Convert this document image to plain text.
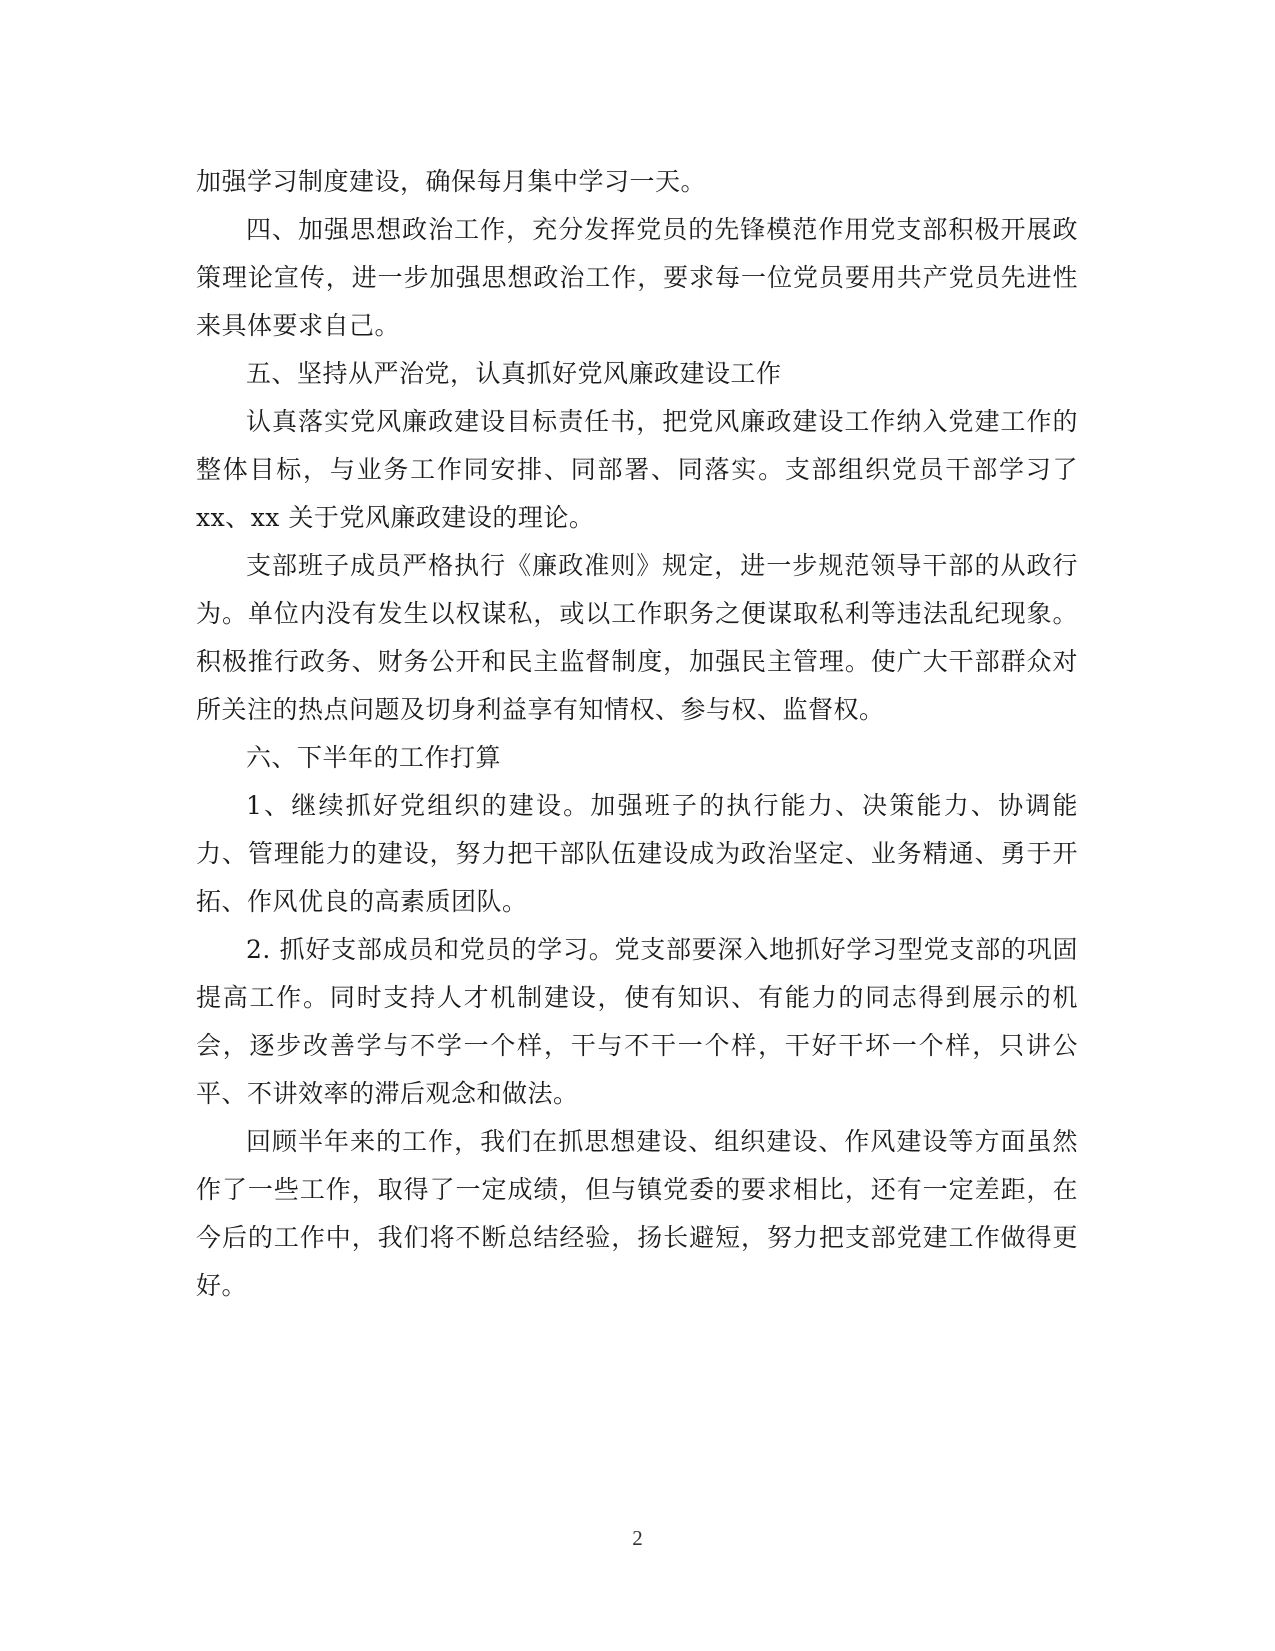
加强学习制度建设，确保每月集中学习一天。

四、加强思想政治工作，充分发挥党员的先锋模范作用党支部积极开展政策理论宣传，进一步加强思想政治工作，要求每一位党员要用共产党员先进性来具体要求自己。

五、坚持从严治党，认真抓好党风廉政建设工作

认真落实党风廉政建设目标责任书，把党风廉政建设工作纳入党建工作的整体目标，与业务工作同安排、同部署、同落实。支部组织党员干部学习了 xx、xx 关于党风廉政建设的理论。

支部班子成员严格执行《廉政准则》规定，进一步规范领导干部的从政行为。单位内没有发生以权谋私，或以工作职务之便谋取私利等违法乱纪现象。积极推行政务、财务公开和民主监督制度，加强民主管理。使广大干部群众对所关注的热点问题及切身利益享有知情权、参与权、监督权。

六、下半年的工作打算

1、继续抓好党组织的建设。加强班子的执行能力、决策能力、协调能力、管理能力的建设，努力把干部队伍建设成为政治坚定、业务精通、勇于开拓、作风优良的高素质团队。

2. 抓好支部成员和党员的学习。党支部要深入地抓好学习型党支部的巩固提高工作。同时支持人才机制建设，使有知识、有能力的同志得到展示的机会，逐步改善学与不学一个样，干与不干一个样，干好干坏一个样，只讲公平、不讲效率的滞后观念和做法。

回顾半年来的工作，我们在抓思想建设、组织建设、作风建设等方面虽然作了一些工作，取得了一定成绩，但与镇党委的要求相比，还有一定差距，在今后的工作中，我们将不断总结经验，扬长避短，努力把支部党建工作做得更好。

2
